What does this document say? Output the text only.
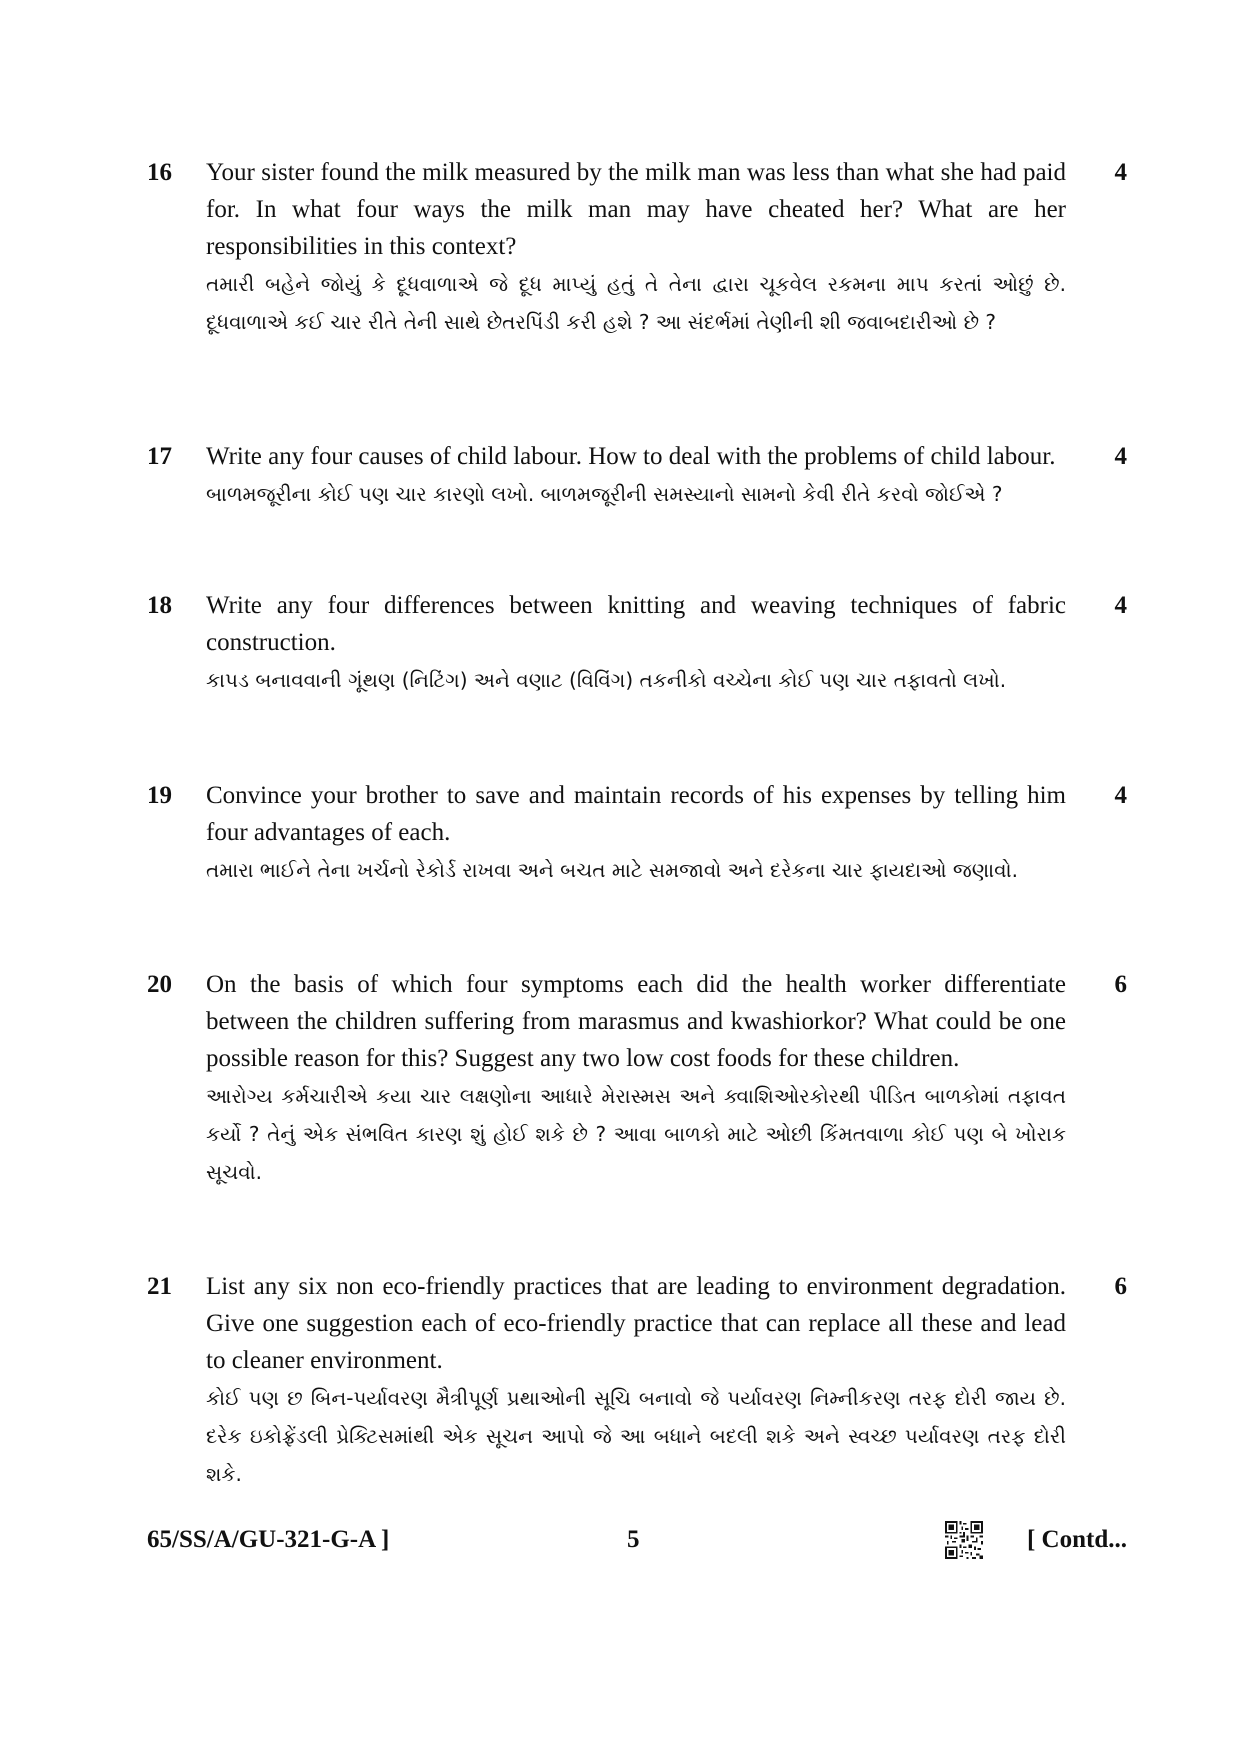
16 Your sister found the milk measured by the milk man was less than what she had paid for. In what four ways the milk man may have cheated her? What are her responsibilities in this context?

તમારી બહેને જોયું કે દૂધવાળાએ જે દૂધ માપ્યું હતું તે તેના દ્વારા ચૂકવેલ રકમના માપ કરતાં ઓછું છે. દૂધવાળાએ કઈ ચાર રીતે તેની સાથે છેતરપિંડી કરી હશે ? આ સંદર્ભમાં તેણીની શી જવાબદારીઓ છે ?

4
17 Write any four causes of child labour. How to deal with the problems of child labour.

બાળમજૂરીના કોઈ પણ ચાર કારણો લખો. બાળમજૂરીની સમસ્યાનો સામનો કેવી રીતે કરવો જોઈએ ?

4
18 Write any four differences between knitting and weaving techniques of fabric construction.

કાપડ બનાવવાની ગૂંથણ (નિટિંગ) અને વણાટ (વિવિંગ) તકનીકો વચ્ચેના કોઈ પણ ચાર તફાવતો લખો.

4
19 Convince your brother to save and maintain records of his expenses by telling him four advantages of each.

તમારા ભાઈને તેના ખર્ચનો રેકોર્ડ રાખવા અને બચત માટે સમજાવો અને દરેકના ચાર ફાયદાઓ જણાવો.

4
20 On the basis of which four symptoms each did the health worker differentiate between the children suffering from marasmus and kwashiorkor? What could be one possible reason for this? Suggest any two low cost foods for these children.

આરોગ્ય કર્મચારીએ કયા ચાર લક્ષણોના આધારે મેરાસ્મસ અને ક્વાશિઓરકોરથી પીડિત બાળકોમાં તફાવત કર્યો ? તેનું એક સંભવિત કારણ શું હોઈ શકે છે ? આવા બાળકો માટે ઓછી કિંમતવાળા કોઈ પણ બે ખોરાક સૂચવો.

6
21 List any six non eco-friendly practices that are leading to environment degradation. Give one suggestion each of eco-friendly practice that can replace all these and lead to cleaner environment.

કોઈ પણ છ બિન-પર્યાવરણ મૈત્રીપૂર્ણ પ્રથાઓની સૂચિ બનાવો જે પર્યાવરણ નિમ્નીકરણ તરફ દોરી જાય છે. દરેક ઇકોફ્રેંડલી પ્રેક્ટિસમાંથી એક સૂચન આપો જે આ બધાને બદલી શકે અને સ્વચ્છ પર્યાવરણ તરફ દોરી શકે.

6
65/SS/A/GU-321-G-A ]	5	[ Contd...
